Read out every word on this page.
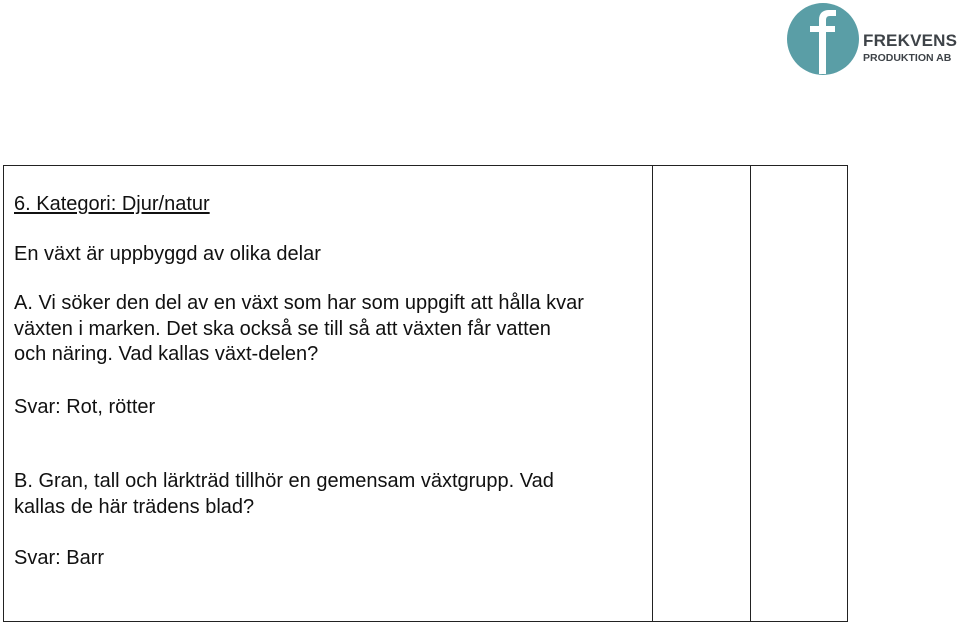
FREKVENS
PRODUKTION AB

6. Kategori: Djur/natur

En växt är uppbyggd av olika delar

A. Vi söker den del av en växt som har som uppgift att hålla kvar
växten i marken. Det ska också se till så att växten får vatten
och näring. Vad kallas växt-delen?

Svar: Rot, rötter

B. Gran, tall och lärkträd tillhör en gemensam växtgrupp. Vad
kallas de här trädens blad?

Svar: Barr
